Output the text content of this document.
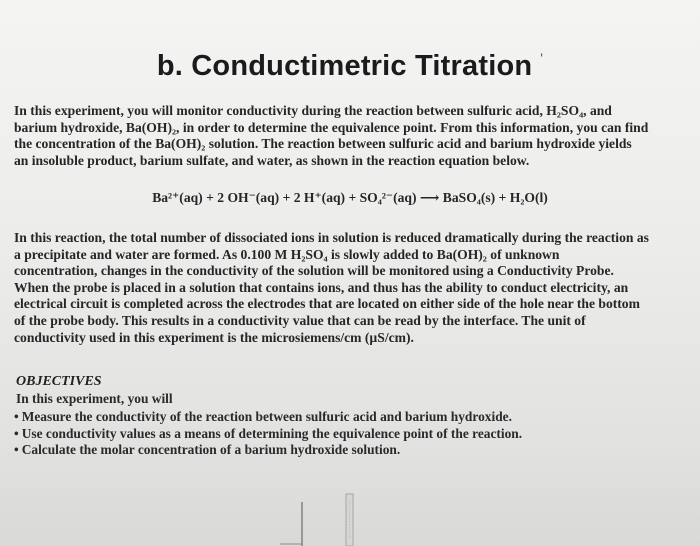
b. Conductimetric Titration '
In this experiment, you will monitor conductivity during the reaction between sulfuric acid, H₂SO₄, and
barium hydroxide, Ba(OH)₂, in order to determine the equivalence point. From this information, you can find
the concentration of the Ba(OH)₂ solution. The reaction between sulfuric acid and barium hydroxide yields
an insoluble product, barium sulfate, and water, as shown in the reaction equation below.
Ba²⁺(aq) + 2 OH⁻(aq) + 2 H⁺(aq) + SO₄²⁻(aq) ⟶ BaSO₄(s) + H₂O(l)
In this reaction, the total number of dissociated ions in solution is reduced dramatically during the reaction as
a precipitate and water are formed. As 0.100 M H₂SO₄ is slowly added to Ba(OH)₂ of unknown
concentration, changes in the conductivity of the solution will be monitored using a Conductivity Probe.
When the probe is placed in a solution that contains ions, and thus has the ability to conduct electricity, an
electrical circuit is completed across the electrodes that are located on either side of the hole near the bottom
of the probe body. This results in a conductivity value that can be read by the interface. The unit of
conductivity used in this experiment is the microsiemens/cm (µS/cm).
OBJECTIVES
In this experiment, you will
• Measure the conductivity of the reaction between sulfuric acid and barium hydroxide.
• Use conductivity values as a means of determining the equivalence point of the reaction.
• Calculate the molar concentration of a barium hydroxide solution.
